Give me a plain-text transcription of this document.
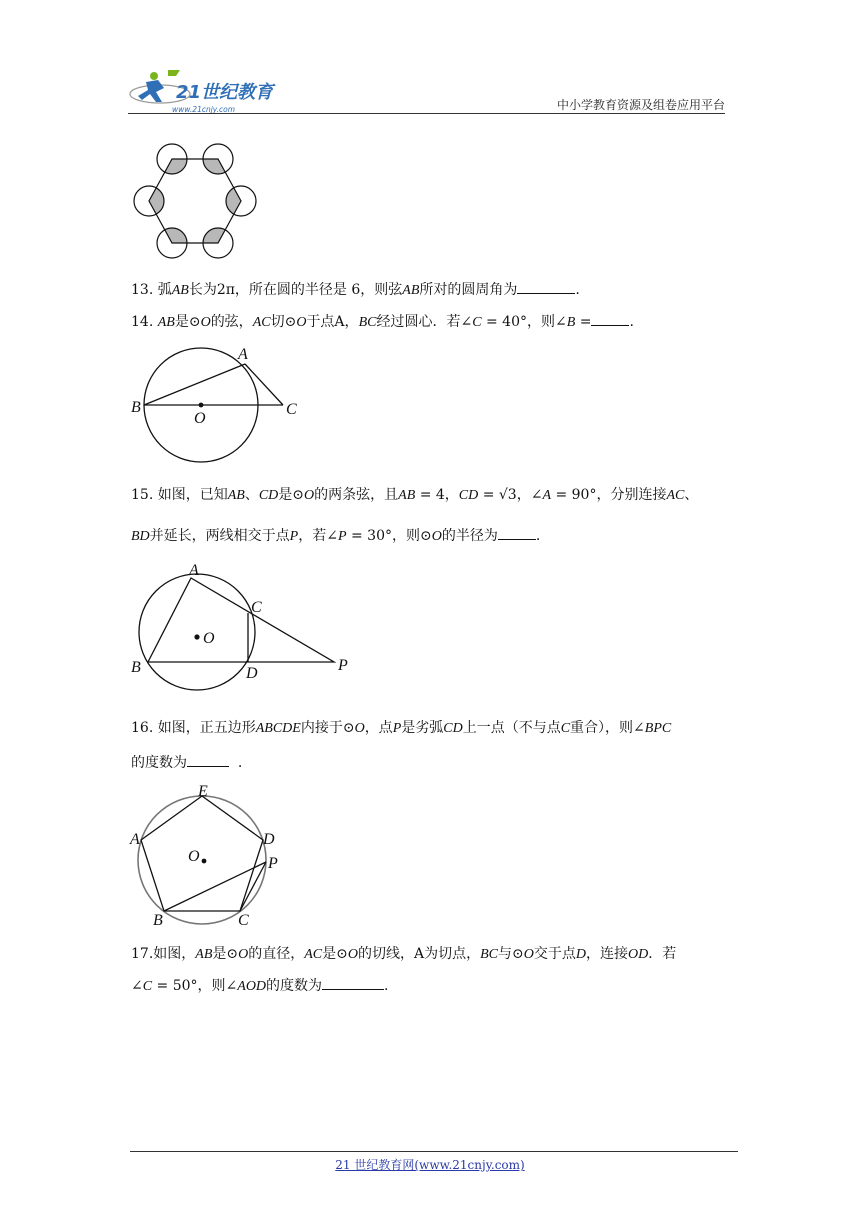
21世纪教育
www.21cnjy.com	中小学教育资源及组卷应用平台
13. 弧AB长为2π，所在圆的半径是 6，则弦AB所对的圆周角为	.
14. AB是⊙O的弦，AC切⊙O于点A，BC经过圆心．若∠C = 40°，则∠B =	.
A
B
O
C
15. 如图，已知AB、CD是⊙O的两条弦，且AB = 4，CD = √3，∠A = 90°，分别连接AC、
BD并延长，两线相交于点P，若∠P = 30°，则⊙O的半径为	.
A
B
C
D
O
P
16. 如图，正五边形ABCDE内接于⊙O，点P是劣弧CD上一点（不与点C重合），则∠BPC
的度数为	.
E
A	D
P
O
B	C
17.如图，AB是⊙O的直径，AC是⊙O的切线，A为切点，BC与⊙O交于点D，连接OD．若
∠C = 50°，则∠AOD的度数为	.
21 世纪教育网(www.21cnjy.com)
